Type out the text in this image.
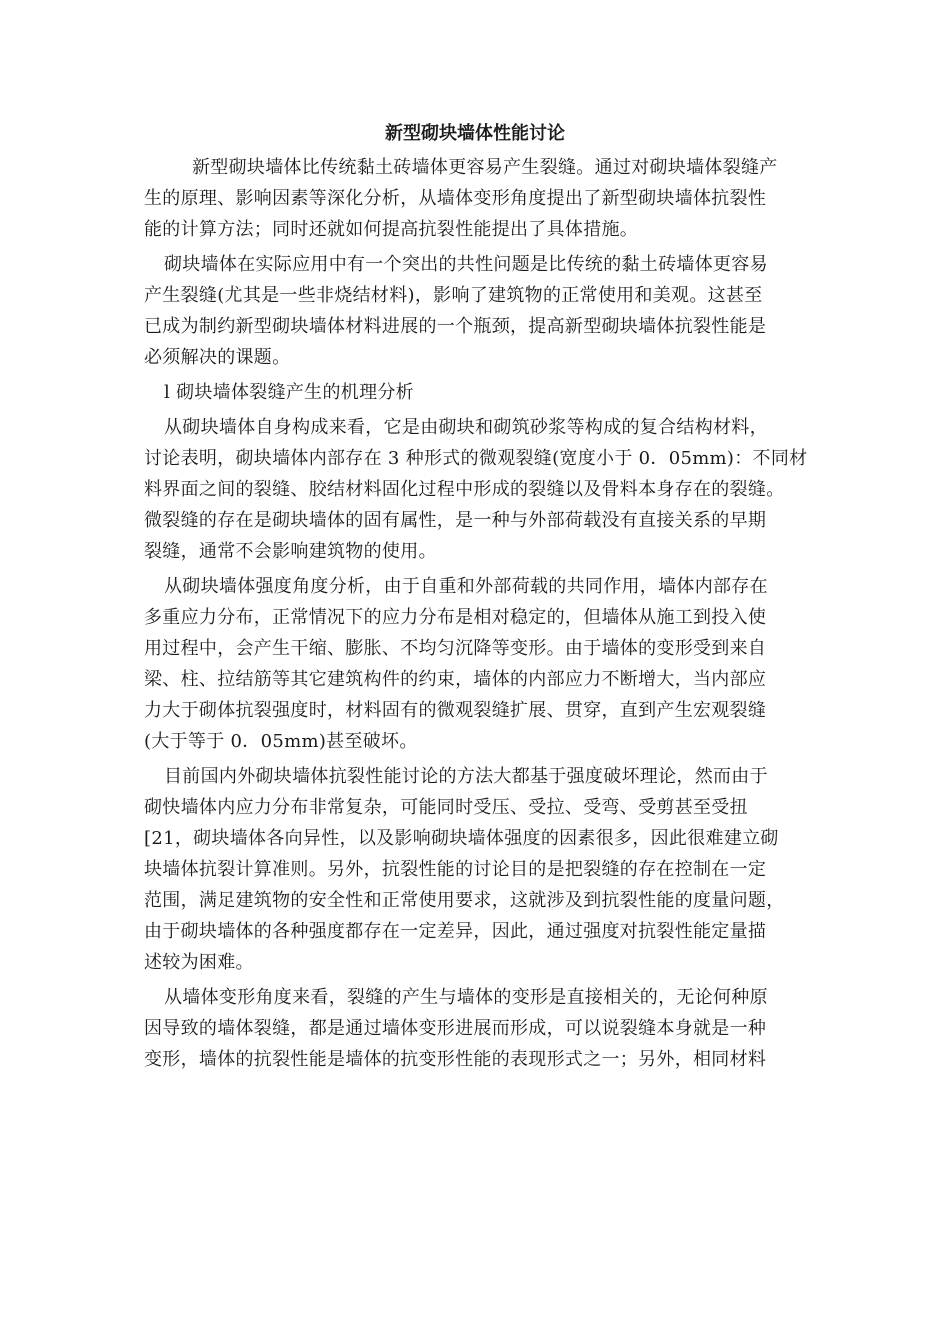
新型砌块墙体性能讨论
新型砌块墙体比传统黏土砖墙体更容易产生裂缝。通过对砌块墙体裂缝产
生的原理、影响因素等深化分析，从墙体变形角度提出了新型砌块墙体抗裂性
能的计算方法；同时还就如何提高抗裂性能提出了具体措施。
砌块墙体在实际应用中有一个突出的共性问题是比传统的黏土砖墙体更容易
产生裂缝(尤其是一些非烧结材料)，影响了建筑物的正常使用和美观。这甚至
已成为制约新型砌块墙体材料进展的一个瓶颈，提高新型砌块墙体抗裂性能是
必须解决的课题。
l 砌块墙体裂缝产生的机理分析
从砌块墙体自身构成来看，它是由砌块和砌筑砂浆等构成的复合结构材料，
讨论表明，砌块墙体内部存在 3 种形式的微观裂缝(宽度小于 0．05mm)：不同材
料界面之间的裂缝、胶结材料固化过程中形成的裂缝以及骨料本身存在的裂缝。
微裂缝的存在是砌块墙体的固有属性，是一种与外部荷载没有直接关系的早期
裂缝，通常不会影响建筑物的使用。
从砌块墙体强度角度分析，由于自重和外部荷载的共同作用，墙体内部存在
多重应力分布，正常情况下的应力分布是相对稳定的，但墙体从施工到投入使
用过程中，会产生干缩、膨胀、不均匀沉降等变形。由于墙体的变形受到来自
梁、柱、拉结筋等其它建筑构件的约束，墙体的内部应力不断增大，当内部应
力大于砌体抗裂强度时，材料固有的微观裂缝扩展、贯穿，直到产生宏观裂缝
(大于等于 0．05mm)甚至破坏。
目前国内外砌块墙体抗裂性能讨论的方法大都基于强度破坏理论，然而由于
砌快墙体内应力分布非常复杂，可能同时受压、受拉、受弯、受剪甚至受扭
[21，砌块墙体各向异性，以及影响砌块墙体强度的因素很多，因此很难建立砌
块墙体抗裂计算准则。另外，抗裂性能的讨论目的是把裂缝的存在控制在一定
范围，满足建筑物的安全性和正常使用要求，这就涉及到抗裂性能的度量问题，
由于砌块墙体的各种强度都存在一定差异，因此，通过强度对抗裂性能定量描
述较为困难。
从墙体变形角度来看，裂缝的产生与墙体的变形是直接相关的，无论何种原
因导致的墙体裂缝，都是通过墙体变形进展而形成，可以说裂缝本身就是一种
变形，墙体的抗裂性能是墙体的抗变形性能的表现形式之一；另外，相同材料
